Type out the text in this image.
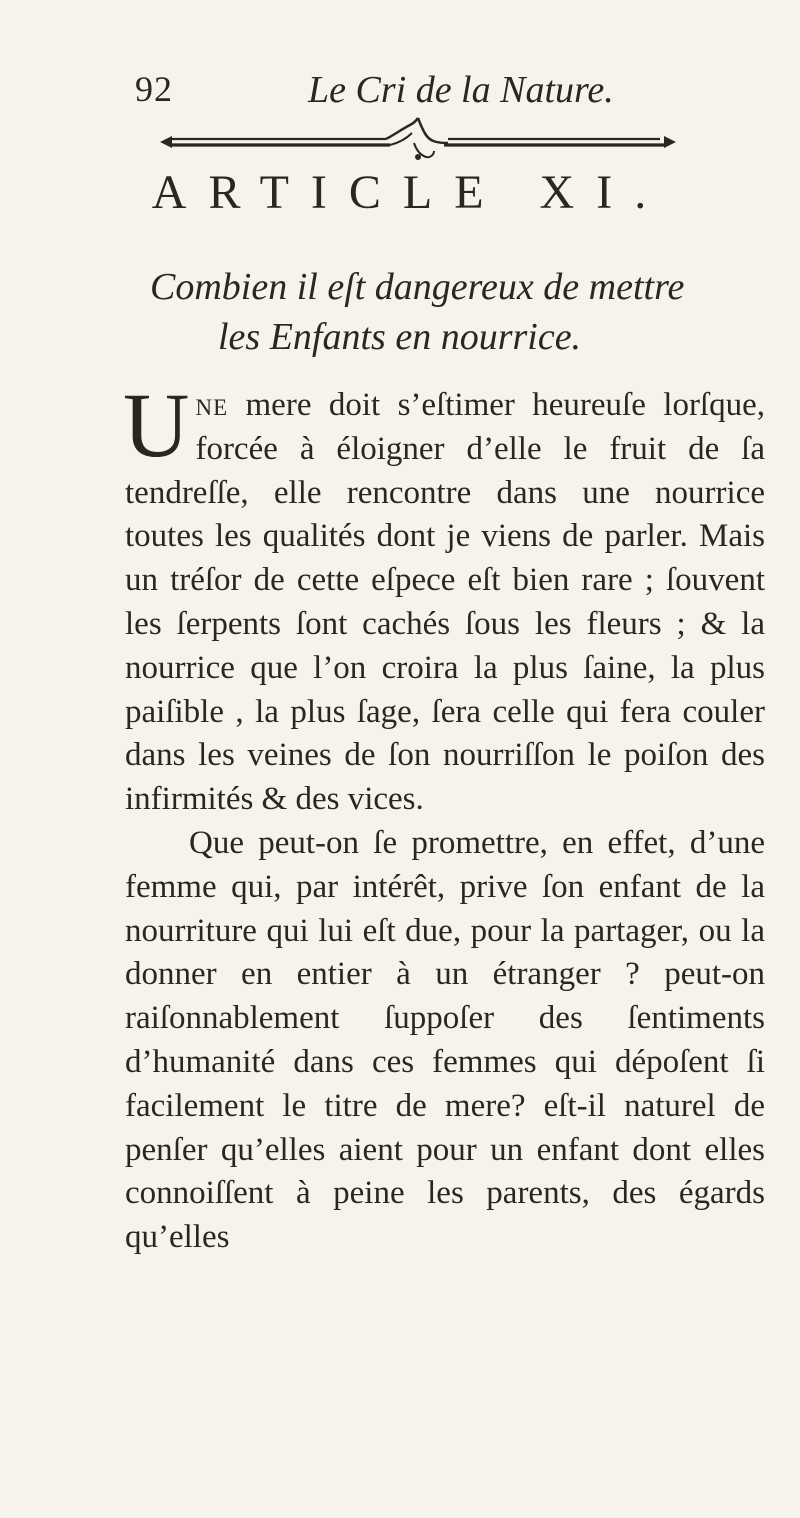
92	Le Cri de la Nature.
ARTICLE XI.
Combien il eſt dangereux de mettre
les Enfants en nourrice.

Une mere doit s’eſtimer heureuſe lorſque, forcée à éloigner d’elle le fruit de ſa tendreſſe, elle rencontre dans une nourrice toutes les qualités dont je viens de parler. Mais un tréſor de cette eſpece eſt bien rare ; ſouvent les ſerpents ſont cachés ſous les fleurs ; & la nourrice que l’on croira la plus ſaine, la plus paiſible , la plus ſage, ſera celle qui fera couler dans les veines de ſon nourriſſon le poiſon des infirmités & des vices.

Que peut-on ſe promettre, en effet, d’une femme qui, par intérêt, prive ſon enfant de la nourriture qui lui eſt due, pour la partager, ou la donner en entier à un étranger ? peut-on raiſonnablement ſuppoſer des ſentiments d’humanité dans ces femmes qui dépoſent ſi facilement le titre de mere? eſt-il naturel de penſer qu’elles aient pour un enfant dont elles connoiſſent à peine les parents, des égards qu’elles
